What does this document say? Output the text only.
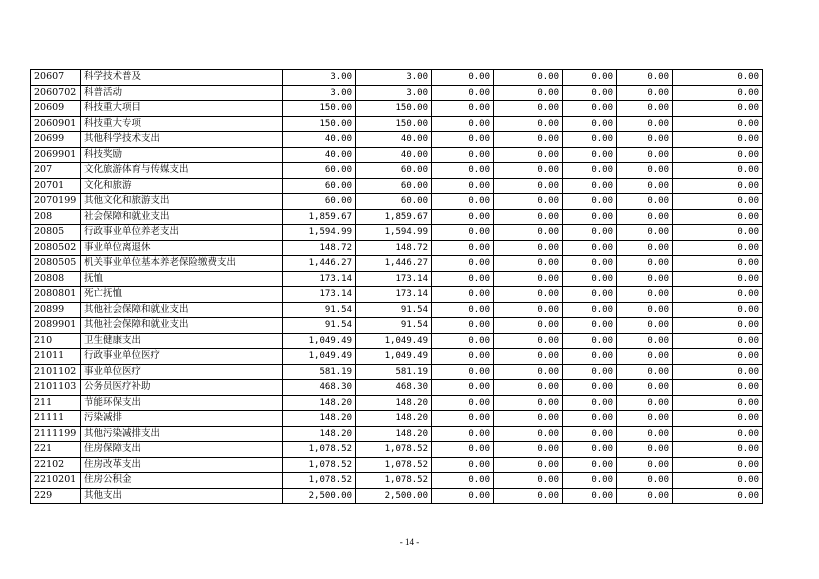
20607	科学技术普及	3.00	3.00	0.00	0.00	0.00	0.00	0.00
2060702	科普活动	3.00	3.00	0.00	0.00	0.00	0.00	0.00
20609	科技重大项目	150.00	150.00	0.00	0.00	0.00	0.00	0.00
2060901	科技重大专项	150.00	150.00	0.00	0.00	0.00	0.00	0.00
20699	其他科学技术支出	40.00	40.00	0.00	0.00	0.00	0.00	0.00
2069901	科技奖励	40.00	40.00	0.00	0.00	0.00	0.00	0.00
207	文化旅游体育与传媒支出	60.00	60.00	0.00	0.00	0.00	0.00	0.00
20701	文化和旅游	60.00	60.00	0.00	0.00	0.00	0.00	0.00
2070199	其他文化和旅游支出	60.00	60.00	0.00	0.00	0.00	0.00	0.00
208	社会保障和就业支出	1,859.67	1,859.67	0.00	0.00	0.00	0.00	0.00
20805	行政事业单位养老支出	1,594.99	1,594.99	0.00	0.00	0.00	0.00	0.00
2080502	事业单位离退休	148.72	148.72	0.00	0.00	0.00	0.00	0.00
2080505	机关事业单位基本养老保险缴费支出	1,446.27	1,446.27	0.00	0.00	0.00	0.00	0.00
20808	抚恤	173.14	173.14	0.00	0.00	0.00	0.00	0.00
2080801	死亡抚恤	173.14	173.14	0.00	0.00	0.00	0.00	0.00
20899	其他社会保障和就业支出	91.54	91.54	0.00	0.00	0.00	0.00	0.00
2089901	其他社会保障和就业支出	91.54	91.54	0.00	0.00	0.00	0.00	0.00
210	卫生健康支出	1,049.49	1,049.49	0.00	0.00	0.00	0.00	0.00
21011	行政事业单位医疗	1,049.49	1,049.49	0.00	0.00	0.00	0.00	0.00
2101102	事业单位医疗	581.19	581.19	0.00	0.00	0.00	0.00	0.00
2101103	公务员医疗补助	468.30	468.30	0.00	0.00	0.00	0.00	0.00
211	节能环保支出	148.20	148.20	0.00	0.00	0.00	0.00	0.00
21111	污染减排	148.20	148.20	0.00	0.00	0.00	0.00	0.00
2111199	其他污染减排支出	148.20	148.20	0.00	0.00	0.00	0.00	0.00
221	住房保障支出	1,078.52	1,078.52	0.00	0.00	0.00	0.00	0.00
22102	住房改革支出	1,078.52	1,078.52	0.00	0.00	0.00	0.00	0.00
2210201	住房公积金	1,078.52	1,078.52	0.00	0.00	0.00	0.00	0.00
229	其他支出	2,500.00	2,500.00	0.00	0.00	0.00	0.00	0.00
- 14 -
